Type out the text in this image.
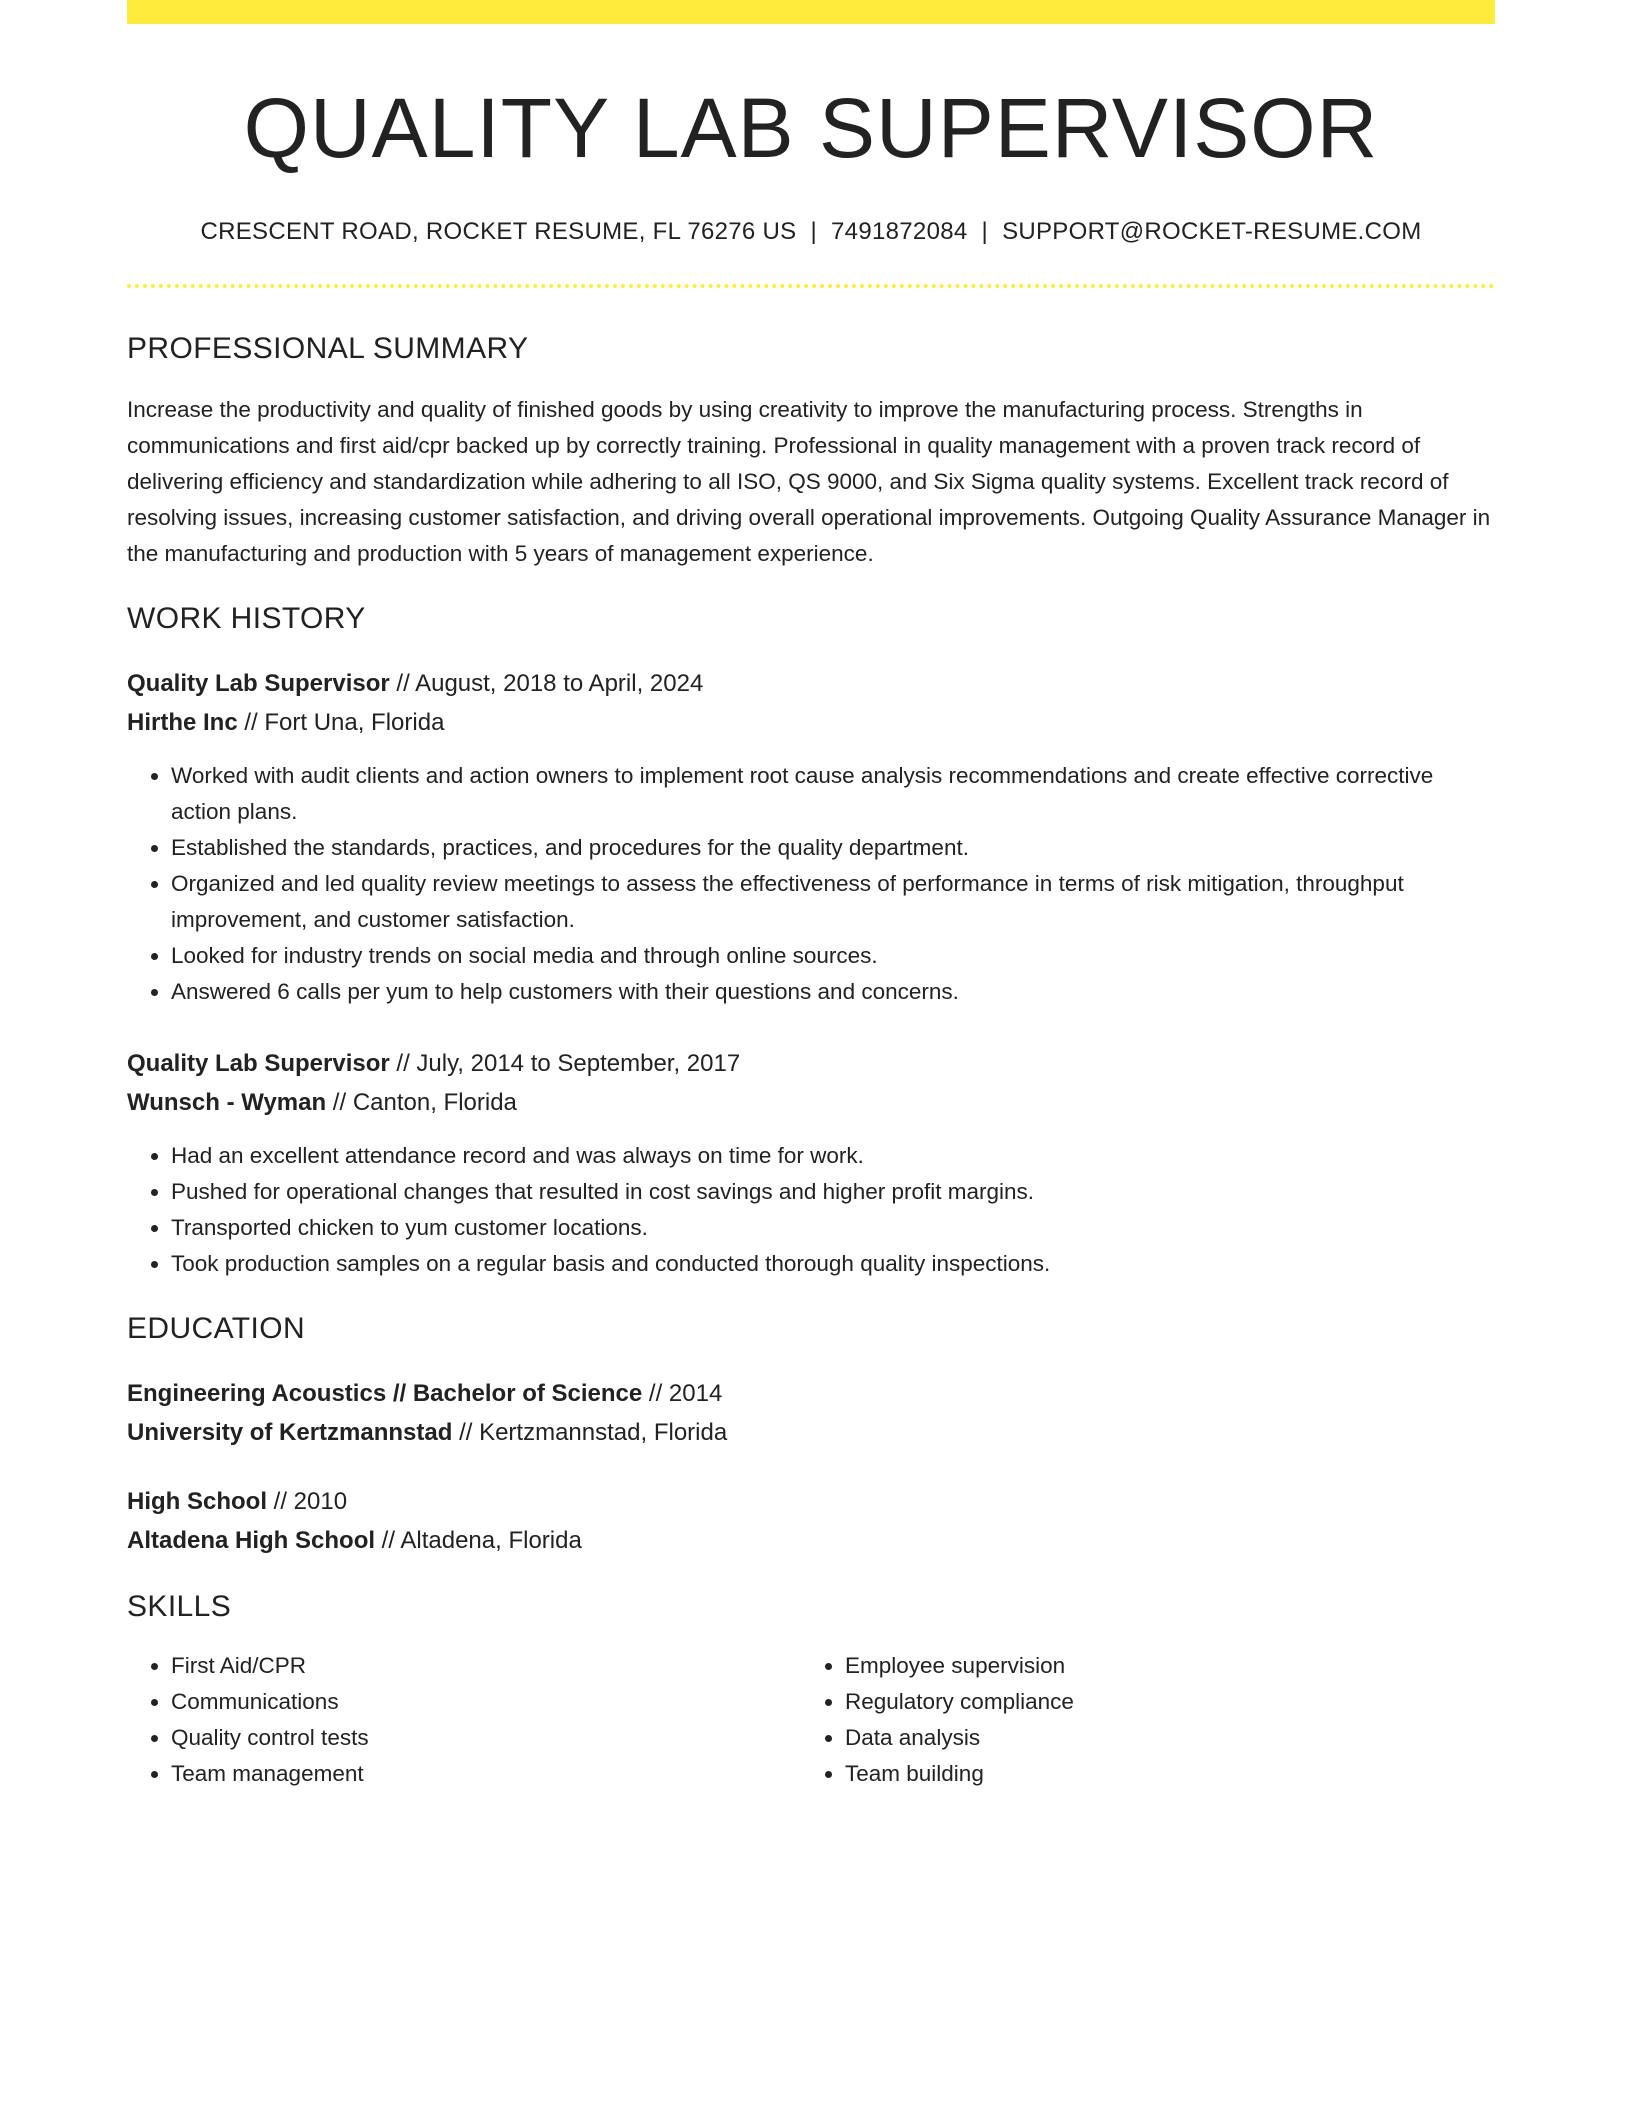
QUALITY LAB SUPERVISOR
CRESCENT ROAD, ROCKET RESUME, FL 76276 US | 7491872084 | SUPPORT@ROCKET-RESUME.COM
PROFESSIONAL SUMMARY
Increase the productivity and quality of finished goods by using creativity to improve the manufacturing process. Strengths in communications and first aid/cpr backed up by correctly training. Professional in quality management with a proven track record of delivering efficiency and standardization while adhering to all ISO, QS 9000, and Six Sigma quality systems. Excellent track record of resolving issues, increasing customer satisfaction, and driving overall operational improvements. Outgoing Quality Assurance Manager in the manufacturing and production with 5 years of management experience.
WORK HISTORY
Quality Lab Supervisor // August, 2018 to April, 2024
Hirthe Inc // Fort Una, Florida
• Worked with audit clients and action owners to implement root cause analysis recommendations and create effective corrective action plans.
• Established the standards, practices, and procedures for the quality department.
• Organized and led quality review meetings to assess the effectiveness of performance in terms of risk mitigation, throughput improvement, and customer satisfaction.
• Looked for industry trends on social media and through online sources.
• Answered 6 calls per yum to help customers with their questions and concerns.
Quality Lab Supervisor // July, 2014 to September, 2017
Wunsch - Wyman // Canton, Florida
• Had an excellent attendance record and was always on time for work.
• Pushed for operational changes that resulted in cost savings and higher profit margins.
• Transported chicken to yum customer locations.
• Took production samples on a regular basis and conducted thorough quality inspections.
EDUCATION
Engineering Acoustics // Bachelor of Science // 2014
University of Kertzmannstad // Kertzmannstad, Florida
High School // 2010
Altadena High School // Altadena, Florida
SKILLS
• First Aid/CPR
• Communications
• Quality control tests
• Team management
• Employee supervision
• Regulatory compliance
• Data analysis
• Team building
